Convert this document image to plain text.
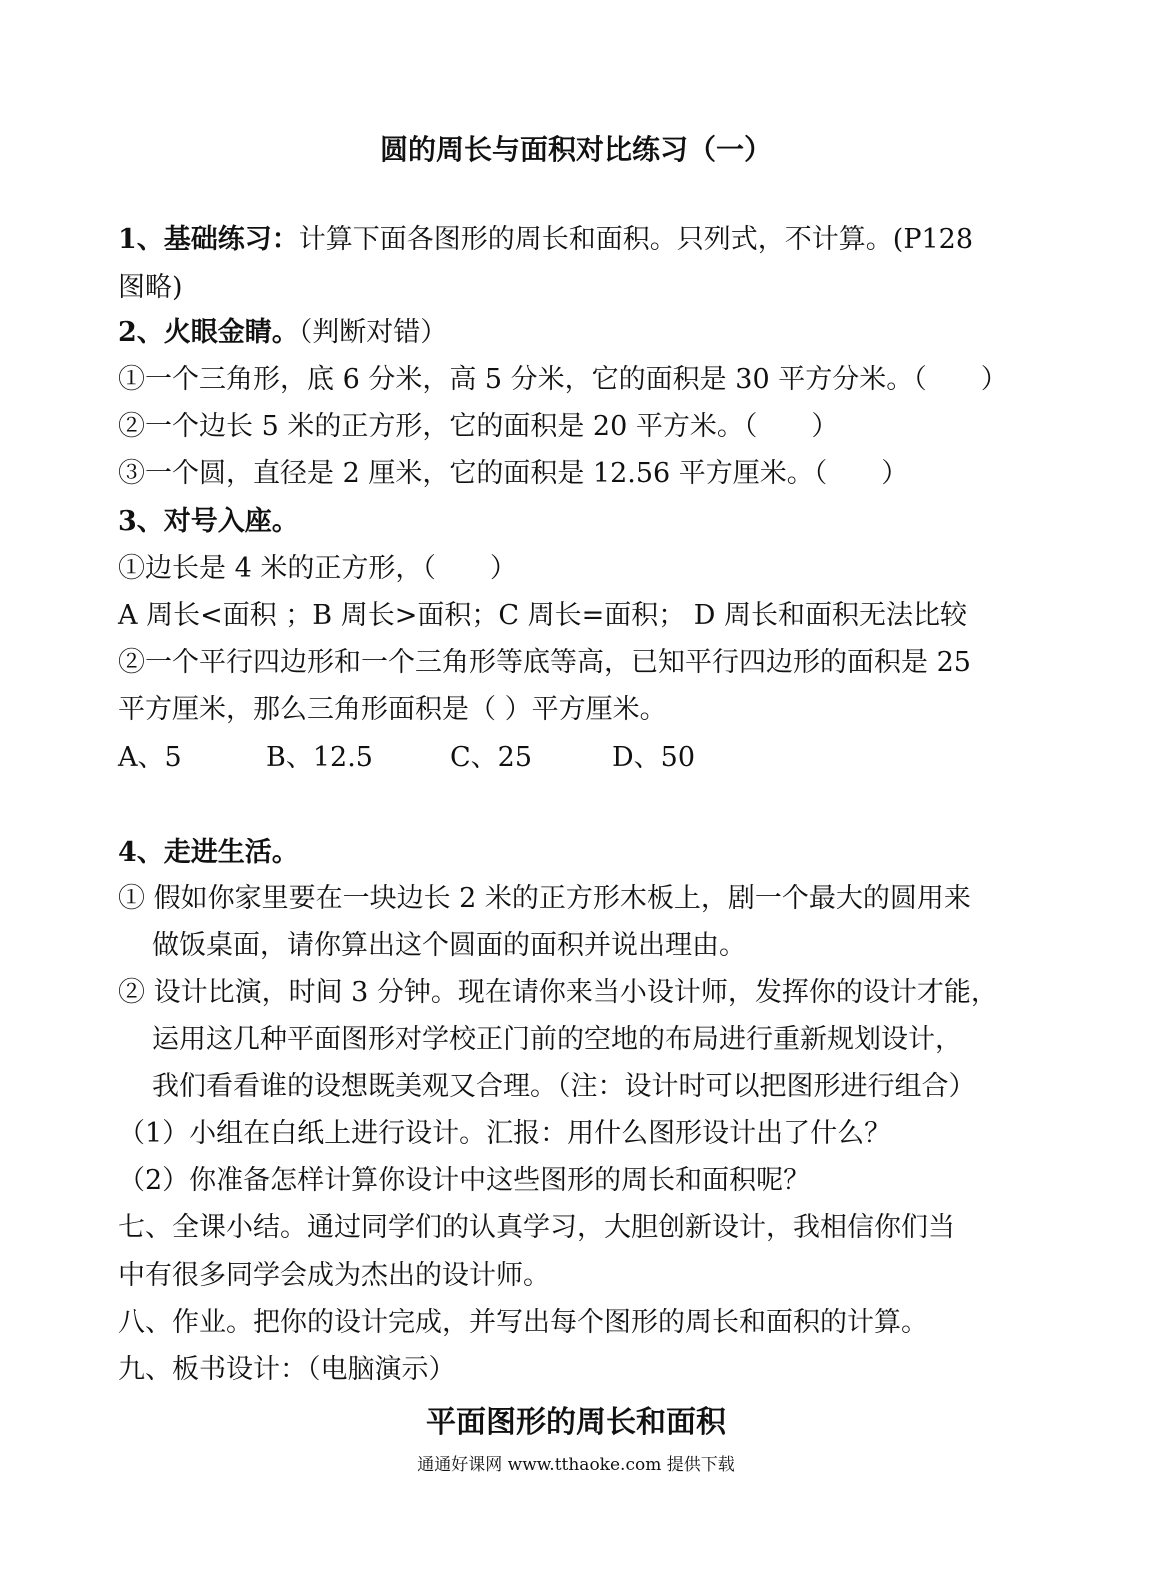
圆的周长与面积对比练习（一）
1、基础练习：计算下面各图形的周长和面积。只列式，不计算。(P128
图略)
2、火眼金睛。（判断对错）
①一个三角形，底 6 分米，高 5 分米，它的面积是 30 平方分米。（　　）
②一个边长 5 米的正方形，它的面积是 20 平方米。（　　）
③一个圆，直径是 2 厘米，它的面积是 12.56 平方厘米。（　　）
3、对号入座。
①边长是 4 米的正方形，（　　）
A 周长<面积 ；B 周长>面积；C 周长=面积； D 周长和面积无法比较
②一个平行四边形和一个三角形等底等高，已知平行四边形的面积是 25
平方厘米，那么三角形面积是（ ）平方厘米。
A、5	B、12.5	C、25	D、50
4、走进生活。
① 假如你家里要在一块边长 2 米的正方形木板上，剧一个最大的圆用来
做饭桌面，请你算出这个圆面的面积并说出理由。
② 设计比演，时间 3 分钟。现在请你来当小设计师，发挥你的设计才能，
运用这几种平面图形对学校正门前的空地的布局进行重新规划设计，
我们看看谁的设想既美观又合理。（注：设计时可以把图形进行组合）
（1）小组在白纸上进行设计。汇报：用什么图形设计出了什么？
（2）你准备怎样计算你设计中这些图形的周长和面积呢？
七、全课小结。通过同学们的认真学习，大胆创新设计，我相信你们当
中有很多同学会成为杰出的设计师。
八、作业。把你的设计完成，并写出每个图形的周长和面积的计算。
九、板书设计：（电脑演示）
平面图形的周长和面积
通通好课网 www.tthaoke.com 提供下载
